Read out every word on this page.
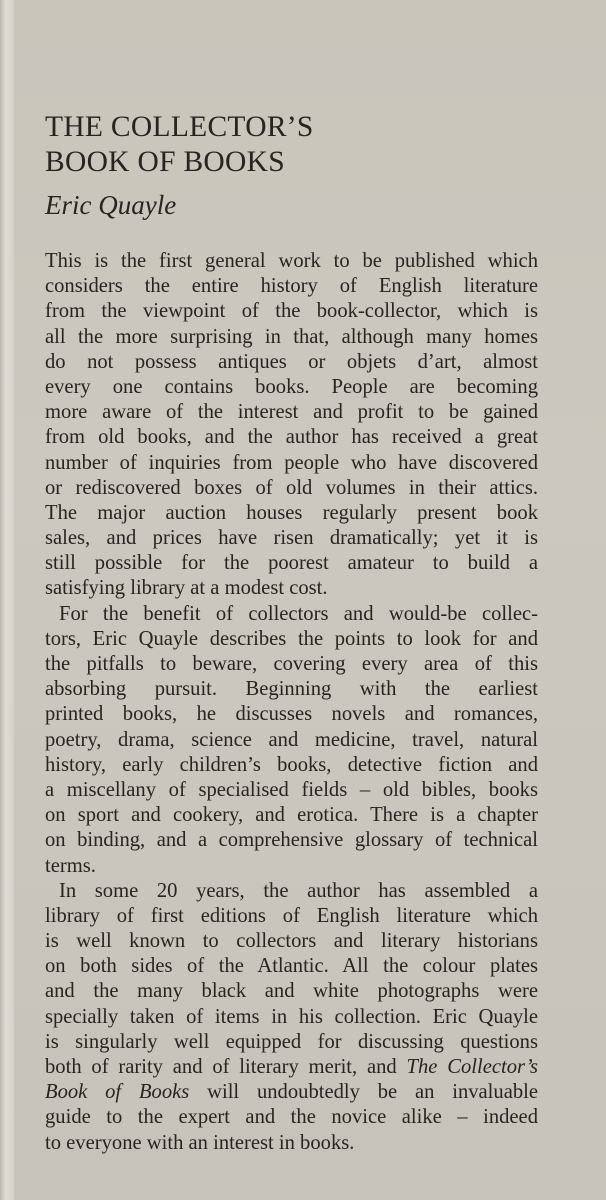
THE COLLECTOR’S
BOOK OF BOOKS
Eric Quayle
This is the first general work to be published which
considers the entire history of English literature
from the viewpoint of the book-collector, which is
all the more surprising in that, although many homes
do not possess antiques or objets d’art, almost
every one contains books. People are becoming
more aware of the interest and profit to be gained
from old books, and the author has received a great
number of inquiries from people who have discovered
or rediscovered boxes of old volumes in their attics.
The major auction houses regularly present book
sales, and prices have risen dramatically; yet it is
still possible for the poorest amateur to build a
satisfying library at a modest cost.
For the benefit of collectors and would-be collec-
tors, Eric Quayle describes the points to look for and
the pitfalls to beware, covering every area of this
absorbing pursuit. Beginning with the earliest
printed books, he discusses novels and romances,
poetry, drama, science and medicine, travel, natural
history, early children’s books, detective fiction and
a miscellany of specialised fields – old bibles, books
on sport and cookery, and erotica. There is a chapter
on binding, and a comprehensive glossary of technical
terms.
In some 20 years, the author has assembled a
library of first editions of English literature which
is well known to collectors and literary historians
on both sides of the Atlantic. All the colour plates
and the many black and white photographs were
specially taken of items in his collection. Eric Quayle
is singularly well equipped for discussing questions
both of rarity and of literary merit, and The Collector’s
Book of Books will undoubtedly be an invaluable
guide to the expert and the novice alike – indeed
to everyone with an interest in books.
